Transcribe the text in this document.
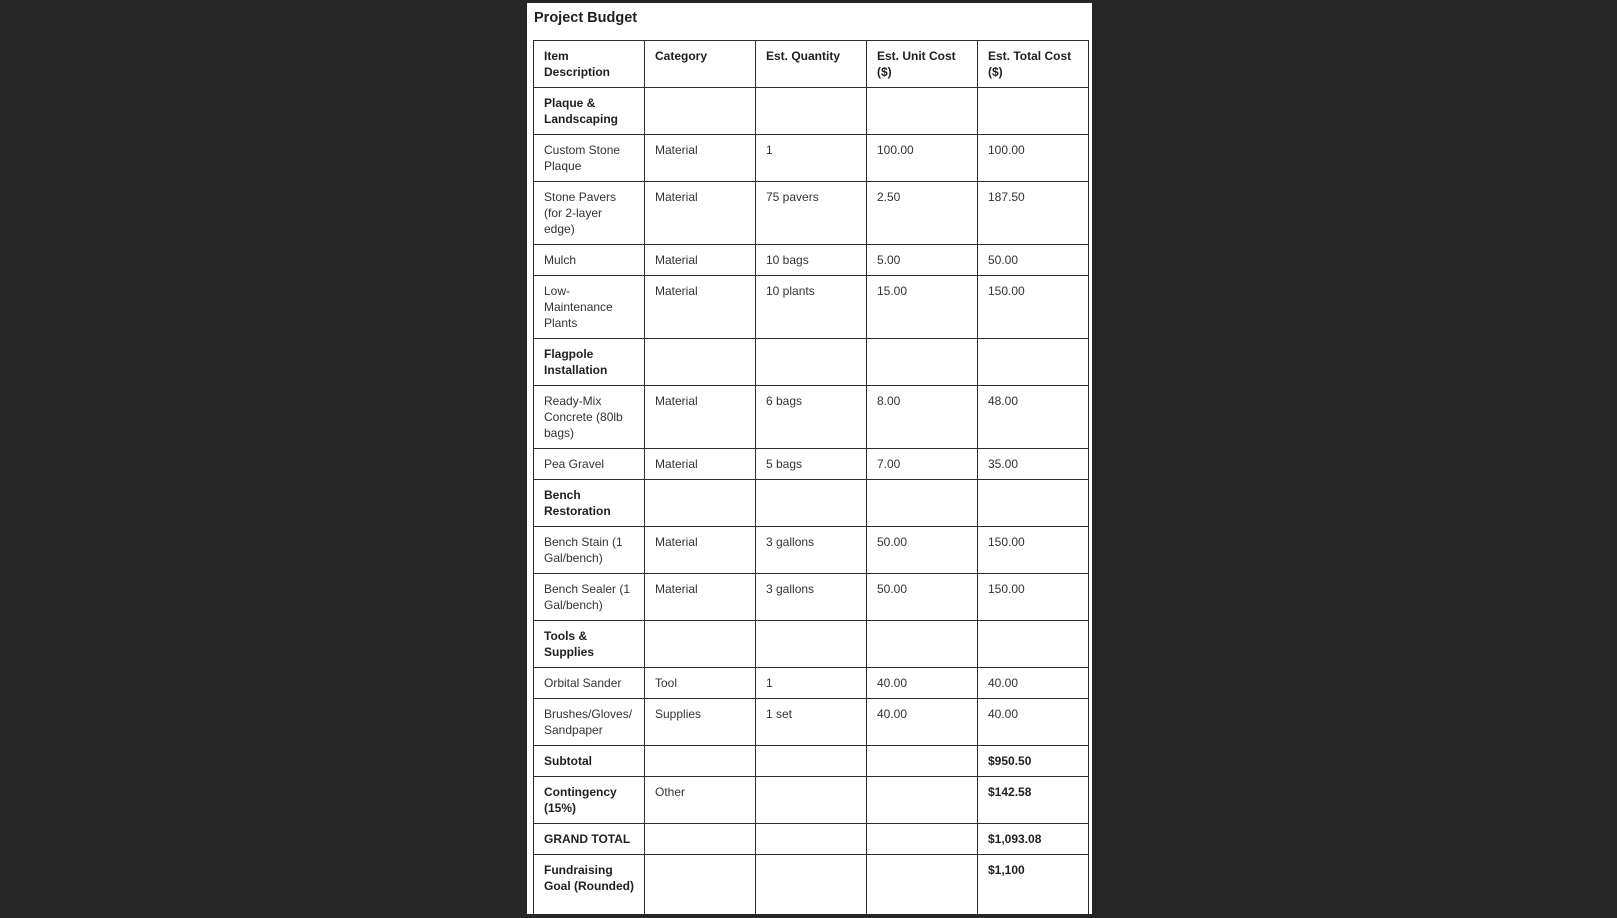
Project Budget
Item Description	Category	Est. Quantity	Est. Unit Cost ($)	Est. Total Cost ($)
Plaque & Landscaping				
Custom Stone Plaque	Material	1	100.00	100.00
Stone Pavers (for 2-layer edge)	Material	75 pavers	2.50	187.50
Mulch	Material	10 bags	5.00	50.00
Low-Maintenance Plants	Material	10 plants	15.00	150.00
Flagpole Installation				
Ready-Mix Concrete (80lb bags)	Material	6 bags	8.00	48.00
Pea Gravel	Material	5 bags	7.00	35.00
Bench Restoration				
Bench Stain (1 Gal/bench)	Material	3 gallons	50.00	150.00
Bench Sealer (1 Gal/bench)	Material	3 gallons	50.00	150.00
Tools & Supplies				
Orbital Sander	Tool	1	40.00	40.00
Brushes/Gloves/Sandpaper	Supplies	1 set	40.00	40.00
Subtotal				$950.50
Contingency (15%)	Other			$142.58
GRAND TOTAL				$1,093.08
Fundraising Goal (Rounded)				$1,100
